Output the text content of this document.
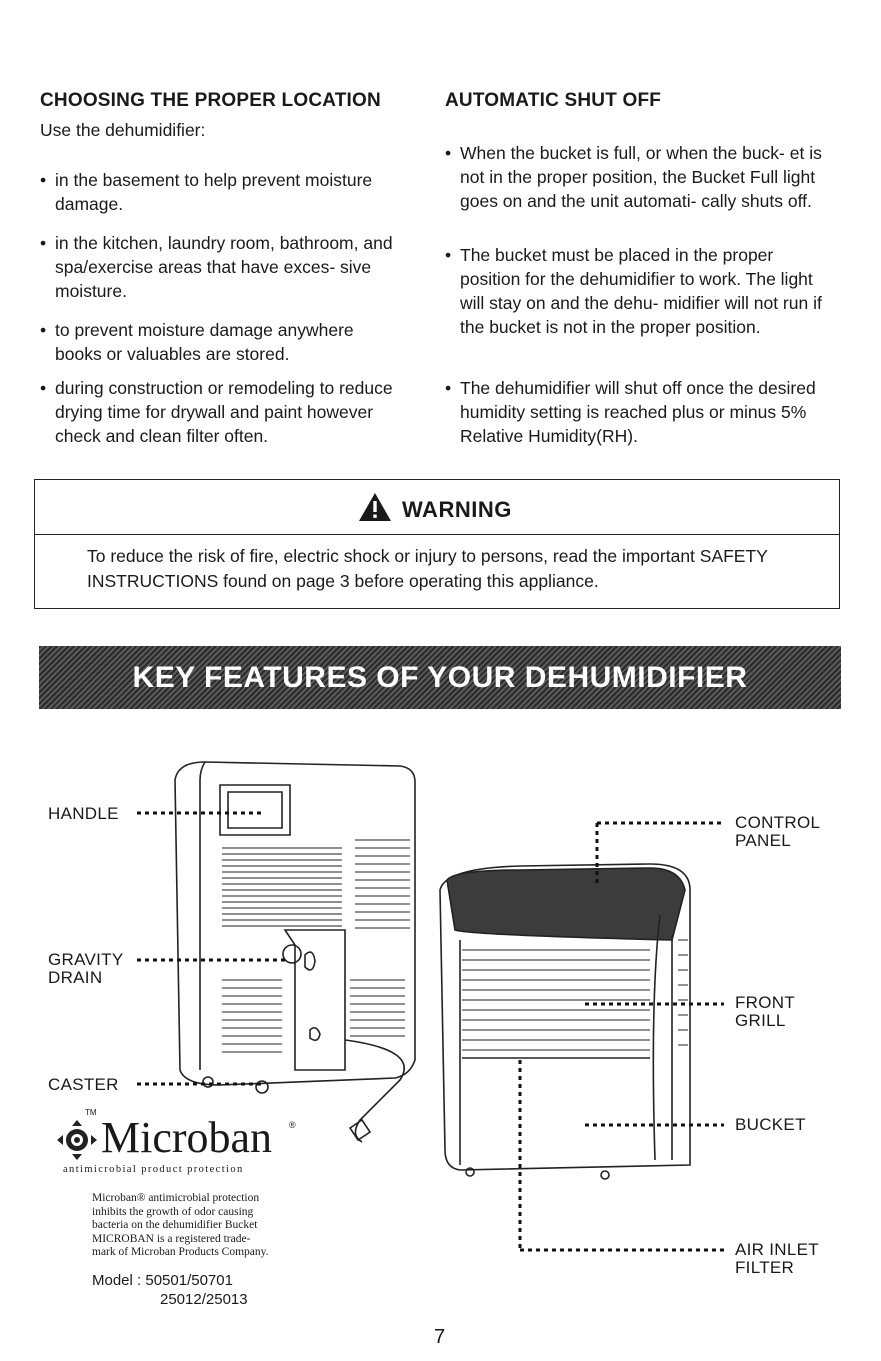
CHOOSING THE PROPER LOCATION
Use the dehumidifier:
• in the basement to help prevent moisture damage.
• in the kitchen, laundry room, bathroom, and spa/exercise areas that have exces- sive moisture.
• to prevent moisture damage anywhere books or valuables are stored.
• during construction or remodeling to reduce drying time for drywall and paint however check and clean filter often.
AUTOMATIC SHUT OFF
• When the bucket is full, or when the buck- et is not in the proper position, the Bucket Full light goes on and the unit automati- cally shuts off.
• The bucket must be placed in the proper position for the dehumidifier to work. The light will stay on and the dehu- midifier will not run if the bucket is not in the proper position.
• The dehumidifier will shut off once the desired humidity setting is reached plus or minus 5% Relative Humidity(RH).
WARNING
To reduce the risk of fire, electric shock or injury to persons, read the important SAFETY INSTRUCTIONS found on page 3 before operating this appliance.
KEY FEATURES OF YOUR DEHUMIDIFIER
HANDLE
GRAVITY
DRAIN
CASTER
CONTROL
PANEL
FRONT
GRILL
BUCKET
AIR INLET
FILTER
TM
Microban ®
antimicrobial product protection
Microban® antimicrobial protection
inhibits the growth of odor causing
bacteria on the dehumidifier Bucket
MICROBAN is a registered trade-
mark of Microban Products Company.
Model : 50501/50701
25012/25013
7
